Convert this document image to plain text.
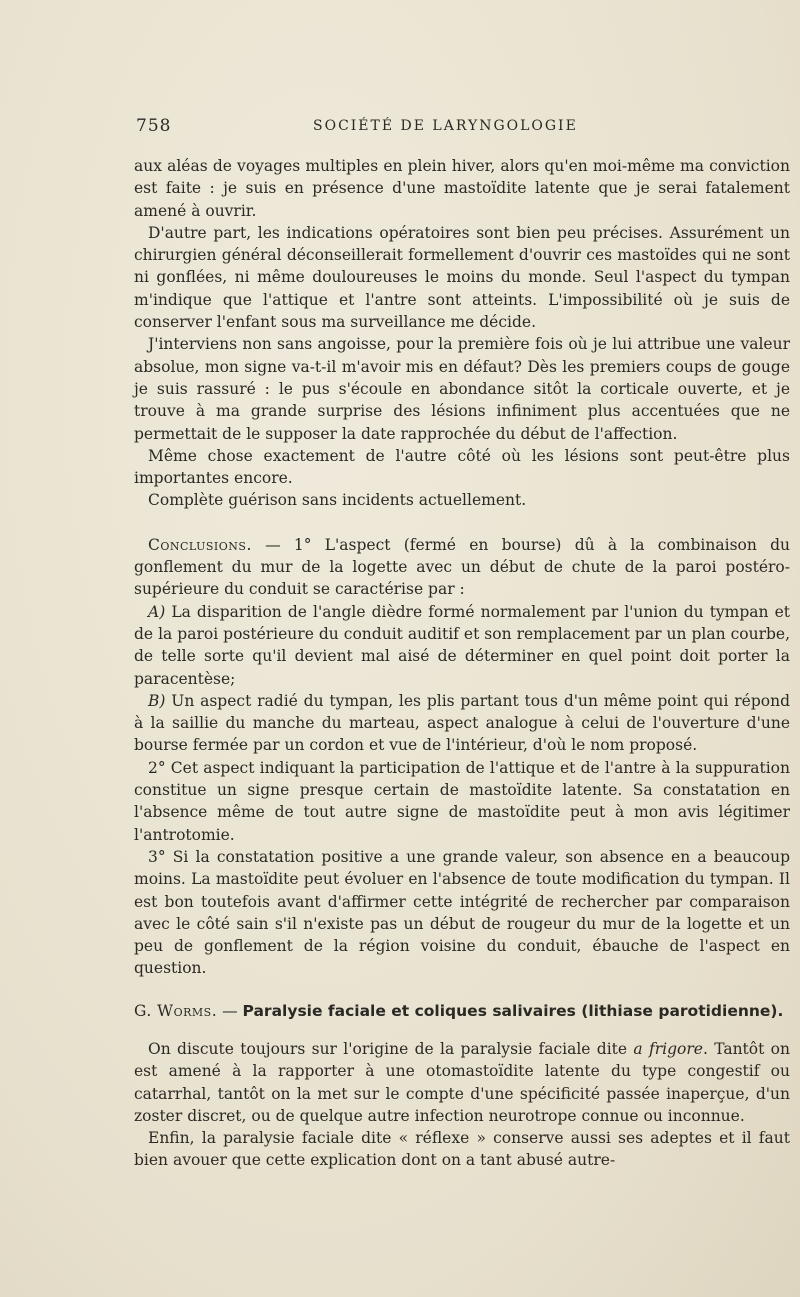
758	SOCIÉTÉ DE LARYNGOLOGIE

aux aléas de voyages multiples en plein hiver, alors qu'en moi-même ma conviction est faite : je suis en présence d'une mastoïdite latente que je serai fatalement amené à ouvrir.

D'autre part, les indications opératoires sont bien peu précises. Assurément un chirurgien général déconseillerait formellement d'ouvrir ces mastoïdes qui ne sont ni gonflées, ni même douloureuses le moins du monde. Seul l'aspect du tympan m'indique que l'attique et l'antre sont atteints. L'impossibilité où je suis de conserver l'enfant sous ma surveillance me décide.

J'interviens non sans angoisse, pour la première fois où je lui attribue une valeur absolue, mon signe va-t-il m'avoir mis en défaut? Dès les premiers coups de gouge je suis rassuré : le pus s'écoule en abondance sitôt la corticale ouverte, et je trouve à ma grande surprise des lésions infiniment plus accentuées que ne permettait de le supposer la date rapprochée du début de l'affection.

Même chose exactement de l'autre côté où les lésions sont peut-être plus importantes encore.

Complète guérison sans incidents actuellement.

Conclusions. — 1° L'aspect (fermé en bourse) dû à la combinaison du gonflement du mur de la logette avec un début de chute de la paroi postéro-supérieure du conduit se caractérise par :

A) La disparition de l'angle dièdre formé normalement par l'union du tympan et de la paroi postérieure du conduit auditif et son remplacement par un plan courbe, de telle sorte qu'il devient mal aisé de déterminer en quel point doit porter la paracentèse;

B) Un aspect radié du tympan, les plis partant tous d'un même point qui répond à la saillie du manche du marteau, aspect analogue à celui de l'ouverture d'une bourse fermée par un cordon et vue de l'intérieur, d'où le nom proposé.

2° Cet aspect indiquant la participation de l'attique et de l'antre à la suppuration constitue un signe presque certain de mastoïdite latente. Sa constatation en l'absence même de tout autre signe de mastoïdite peut à mon avis légitimer l'antrotomie.

3° Si la constatation positive a une grande valeur, son absence en a beaucoup moins. La mastoïdite peut évoluer en l'absence de toute modification du tympan. Il est bon toutefois avant d'affirmer cette intégrité de rechercher par comparaison avec le côté sain s'il n'existe pas un début de rougeur du mur de la logette et un peu de gonflement de la région voisine du conduit, ébauche de l'aspect en question.

G. Worms. — Paralysie faciale et coliques salivaires (lithiase parotidienne).

On discute toujours sur l'origine de la paralysie faciale dite a frigore. Tantôt on est amené à la rapporter à une otomastoïdite latente du type congestif ou catarrhal, tantôt on la met sur le compte d'une spécificité passée inaperçue, d'un zoster discret, ou de quelque autre infection neurotrope connue ou inconnue.

Enfin, la paralysie faciale dite « réflexe » conserve aussi ses adeptes et il faut bien avouer que cette explication dont on a tant abusé autre-
